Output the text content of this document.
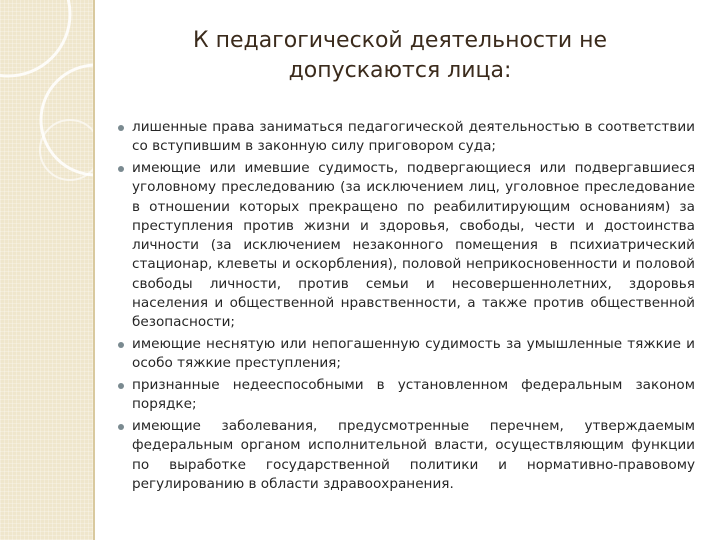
К педагогической деятельности не
допускаются лица:
лишенные права заниматься педагогической деятельностью в соответствии со вступившим в законную силу приговором суда;
имеющие или имевшие судимость, подвергающиеся или подвергавшиеся уголовному преследованию (за исключением лиц, уголовное преследование в отношении которых прекращено по реабилитирующим основаниям) за преступления против жизни и здоровья, свободы, чести и достоинства личности (за исключением незаконного помещения в психиатрический стационар, клеветы и оскорбления), половой неприкосновенности и половой свободы личности, против семьи и несовершеннолетних, здоровья населения и общественной нравственности, а также против общественной безопасности;
имеющие неснятую или непогашенную судимость за умышленные тяжкие и особо тяжкие преступления;
признанные недееспособными в установленном федеральным законом порядке;
имеющие заболевания, предусмотренные перечнем, утверждаемым федеральным органом исполнительной власти, осуществляющим функции по выработке государственной политики и нормативно-правовому регулированию в области здравоохранения.
